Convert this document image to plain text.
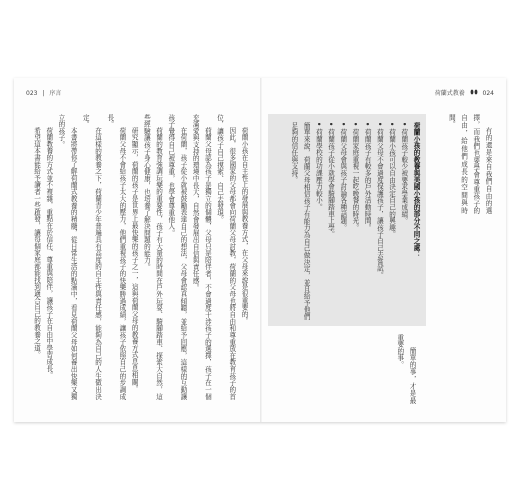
023 | 序言	荷蘭式教養	024

荷蘭小孩在自主性上的發展與教養方式，在父母來說是很重要的。

因此，很多國家的父母都會向荷蘭父母討教，荷蘭的父母也將自由和尊重放在教育孩子的首位，讓孩子自己摸索、自己去發現。

荷蘭父母認為孩子是獨立的個體，父母只是陪伴者，不會過度干涉孩子的選擇，孩子在一個充滿愛與支持的環境中長大，自然會發展出自信與責任感。

在荷蘭，孩子從小就被鼓勵表達自己的想法，父母會認真傾聽，並給予回應，這樣的互動讓孩子覺得自己被尊重，也學會尊重他人。

荷蘭的教育強調玩樂的重要性，孩子有大量的時間在戶外玩耍、騎腳踏車、探索大自然，這些經驗讓孩子身心健康，也培養了解決問題的能力。

研究顯示，荷蘭的孩子是世界上最快樂的孩子之一，這與荷蘭父母的教養方式息息相關。

荷蘭父母不會給孩子太大的壓力，他們重視孩子的快樂勝過成績，讓孩子依照自己的步調成長。

在這樣的教養之下，荷蘭青少年普遍具有高度的自主性與責任感，能夠為自己的人生做出決定。

本書將帶你了解荷蘭式教養的精髓，從日常生活的點滴中，看見荷蘭父母如何養出快樂又獨立的孩子。

荷蘭教養的方式並不複雜，重點在於信任、尊重與陪伴，讓孩子在自由中學習成長。

希望這本書能給予讀者一些啟發，讓每個家庭都能找到適合自己的教養之道。	有的還是來自我們自由的選擇，而我們也要學會尊重孩子的自由，給他們成長的空間與時間。

荷蘭小孩的教養與美國小孩的部分不同之處：

• 荷蘭孩子較少被要求學業成績。

• 荷蘭小孩可以自由決定自己的興趣。

• 荷蘭父母不會過度保護孩子，讓孩子自己去嘗試。

• 荷蘭孩子有較多的戶外活動時間。

• 荷蘭家庭重視一起吃晚餐的時光。

• 荷蘭父母會與孩子討論各種話題。

• 荷蘭孩子從小就學會騎腳踏車上學。

• 荷蘭學校的功課壓力較小。

簡單來說，荷蘭父母相信孩子有能力為自己做決定，並且給予他們足夠的信任與支持。

簡單的事，才是最重要的事。
